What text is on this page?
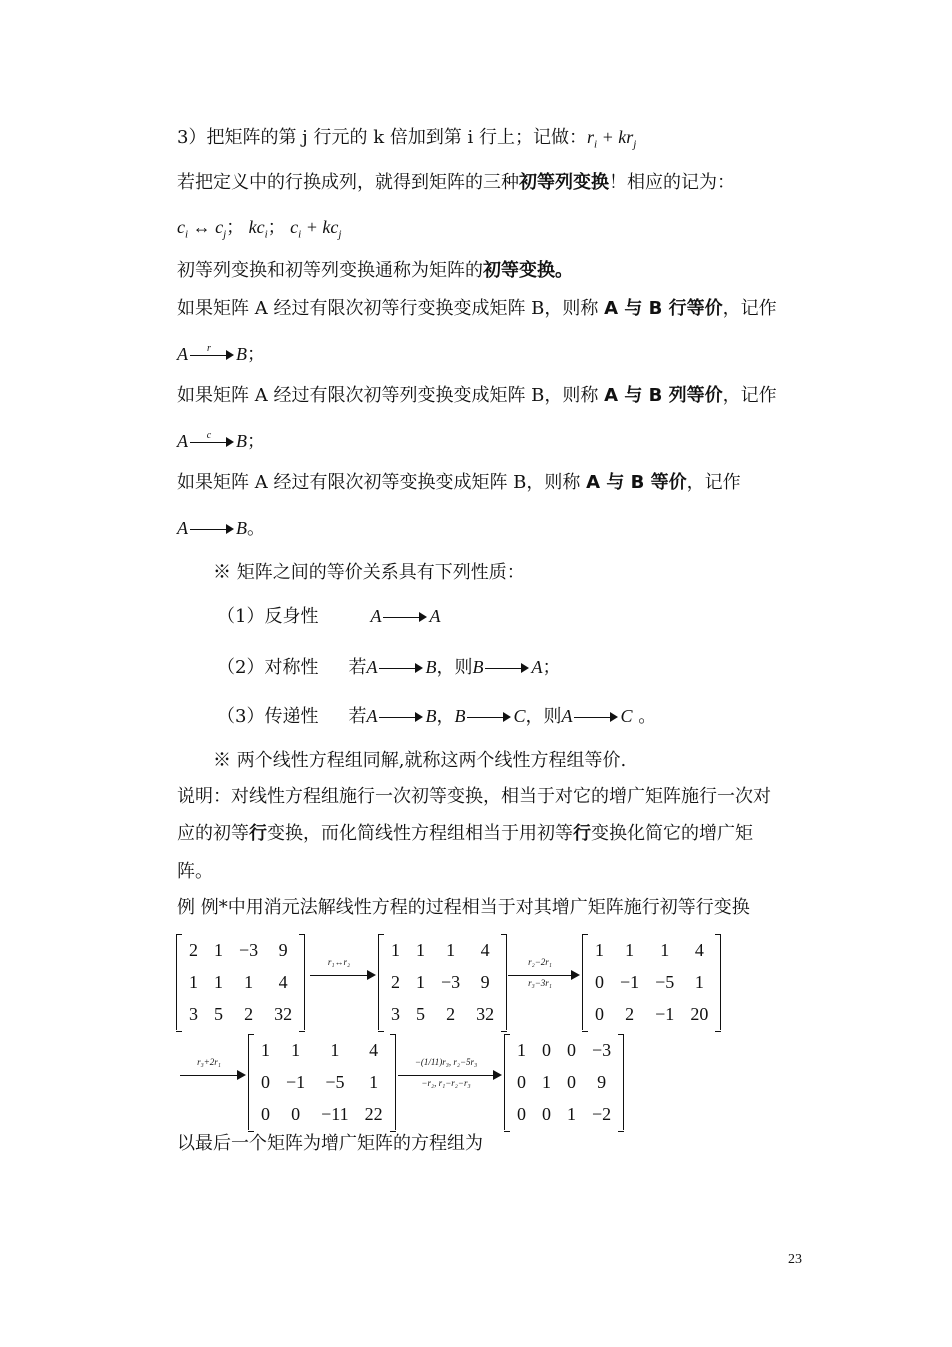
3）把矩阵的第 j 行元的 k 倍加到第 i 行上；记做：$r_i + kr_j$
若把定义中的行换成列，就得到矩阵的三种初等列变换！相应的记为：
$c_i$ ↔ $c_j$； $kc_i$； $c_i + kc_j$
初等列变换和初等列变换通称为矩阵的初等变换。
如果矩阵 A 经过有限次初等行变换变成矩阵 B，则称 A 与 B 行等价，记作
A	r	B；
如果矩阵 A 经过有限次初等列变换变成矩阵 B，则称 A 与 B 列等价，记作
A	c	B；
如果矩阵 A 经过有限次初等变换变成矩阵 B，则称 A 与 B 等价，记作
A	B。
※ 矩阵之间的等价关系具有下列性质：
（1）反身性	A	A
（2）对称性 若A	B，则B	A；
（3）传递性 若A	B，B	C，则A	C 。
※ 两个线性方程组同解,就称这两个线性方程组等价.
说明：对线性方程组施行一次初等变换，相当于对它的增广矩阵施行一次对
应的初等行变换，而化简线性方程组相当于用初等行变换化简它的增广矩
阵。
例 例*中用消元法解线性方程的过程相当于对其增广矩阵施行初等行变换
2	1	−3	9
1	1	1	4
3	5	2	32
r₁↔r₂
1	1	1	4
2	1	−3	9
3	5	2	32
r₂−2r₁
r₃−3r₁
1	1	1	4
0	−1	−5	1
0	2	−1	20
r₃+2r₁
1	1	1	4
0	−1	−5	1
0	0	−11	22
−(1/11)r₃, r₂−5r₃
−r₂, r₁−r₂−r₃
1	0	0	−3
0	1	0	9
0	0	1	−2
以最后一个矩阵为增广矩阵的方程组为
23
